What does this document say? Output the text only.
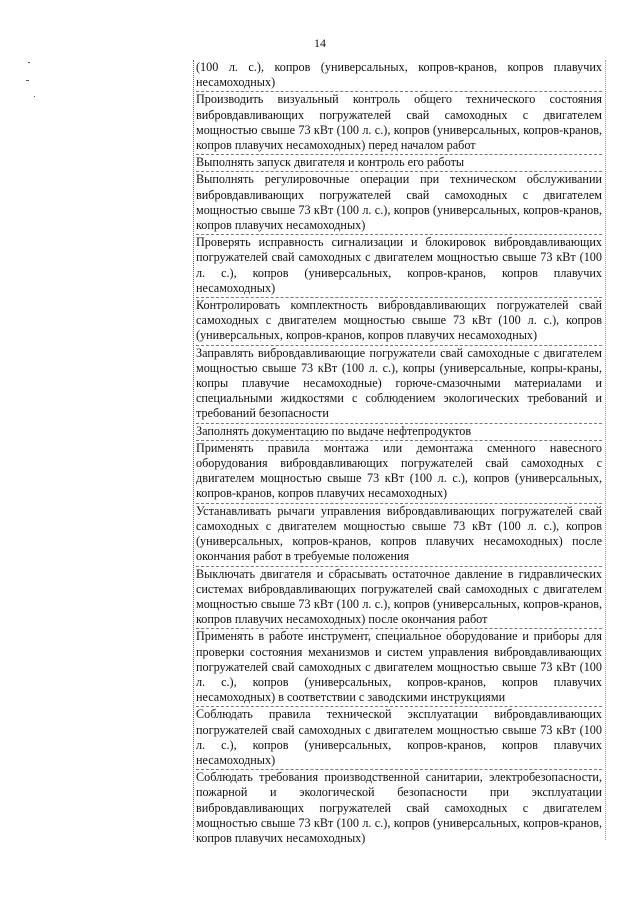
14

(100 л. с.), копров (универсальных, копров-кранов, копров плавучих несамоходных)

Производить визуальный контроль общего технического состояния вибровдавливающих погружателей свай самоходных с двигателем мощностью свыше 73 кВт (100 л. с.), копров (универсальных, копров-кранов, копров плавучих несамоходных) перед началом работ

Выполнять запуск двигателя и контроль его работы

Выполнять регулировочные операции при техническом обслуживании вибровдавливающих погружателей свай самоходных с двигателем мощностью свыше 73 кВт (100 л. с.), копров (универсальных, копров-кранов, копров плавучих несамоходных)

Проверять исправность сигнализации и блокировок вибровдавливающих погружателей свай самоходных с двигателем мощностью свыше 73 кВт (100 л. с.), копров (универсальных, копров-кранов, копров плавучих несамоходных)

Контролировать комплектность вибровдавливающих погружателей свай самоходных с двигателем мощностью свыше 73 кВт (100 л. с.), копров (универсальных, копров-кранов, копров плавучих несамоходных)

Заправлять вибровдавливающие погружатели свай самоходные с двигателем мощностью свыше 73 кВт (100 л. с.), копры (универсальные, копры-краны, копры плавучие несамоходные) горюче-смазочными материалами и специальными жидкостями с соблюдением экологических требований и требований безопасности

Заполнять документацию по выдаче нефтепродуктов

Применять правила монтажа или демонтажа сменного навесного оборудования вибровдавливающих погружателей свай самоходных с двигателем мощностью свыше 73 кВт (100 л. с.), копров (универсальных, копров-кранов, копров плавучих несамоходных)

Устанавливать рычаги управления вибровдавливающих погружателей свай самоходных с двигателем мощностью свыше 73 кВт (100 л. с.), копров (универсальных, копров-кранов, копров плавучих несамоходных) после окончания работ в требуемые положения

Выключать двигателя и сбрасывать остаточное давление в гидравлических системах вибровдавливающих погружателей свай самоходных с двигателем мощностью свыше 73 кВт (100 л. с.), копров (универсальных, копров-кранов, копров плавучих несамоходных) после окончания работ

Применять в работе инструмент, специальное оборудование и приборы для проверки состояния механизмов и систем управления вибровдавливающих погружателей свай самоходных с двигателем мощностью свыше 73 кВт (100 л. с.), копров (универсальных, копров-кранов, копров плавучих несамоходных) в соответствии с заводскими инструкциями

Соблюдать правила технической эксплуатации вибровдавливающих погружателей свай самоходных с двигателем мощностью свыше 73 кВт (100 л. с.), копров (универсальных, копров-кранов, копров плавучих несамоходных)

Соблюдать требования производственной санитарии, электробезопасности, пожарной и экологической безопасности при эксплуатации вибровдавливающих погружателей свай самоходных с двигателем мощностью свыше 73 кВт (100 л. с.), копров (универсальных, копров-кранов, копров плавучих несамоходных)
